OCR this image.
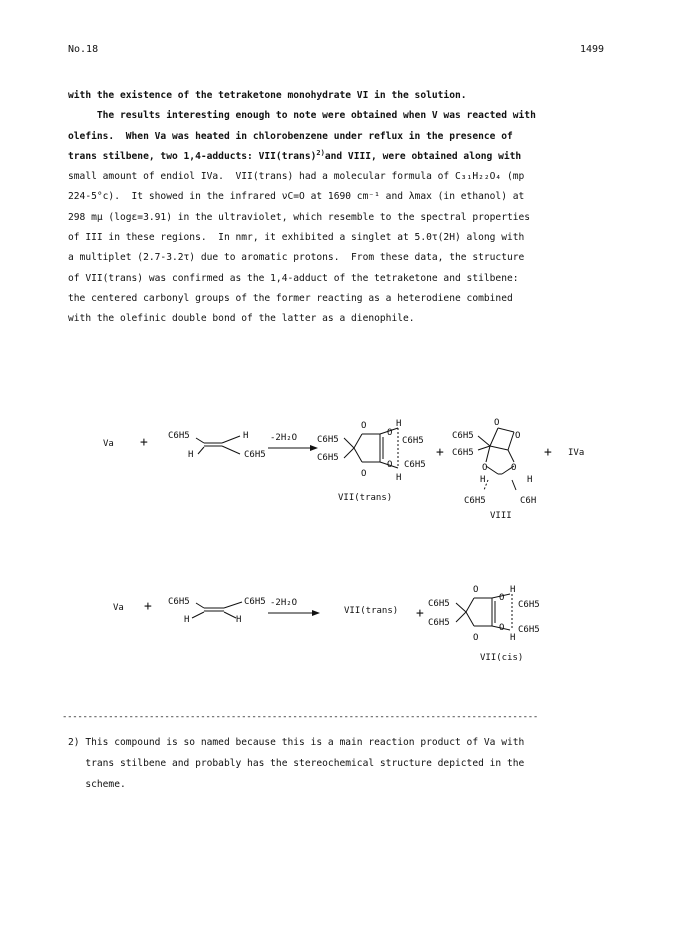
No.18	1499
with the existence of the tetraketone monohydrate VI in the solution.
The results interesting enough to note were obtained when V was reacted with
olefins.  When Va was heated in chlorobenzene under reflux in the presence of
trans stilbene, two 1,4-adducts: VII(trans)$^{2)}$and VIII, were obtained along with
small amount of endiol IVa.  VII(trans) had a molecular formula of C₃₁H₂₂O₄ (mp
224-5°c).  It showed in the infrared νC=O at 1690 cm⁻¹ and λmax (in ethanol) at
298 mμ (logε=3.91) in the ultraviolet, which resemble to the spectral properties
of III in these regions.  In nmr, it exhibited a singlet at 5.0τ(2H) along with
a multiplet (2.7-3.2τ) due to aromatic protons.  From these data, the structure
of VII(trans) was confirmed as the 1,4-adduct of the tetraketone and stilbene:
the centered carbonyl groups of the former reacting as a heterodiene combined
with the olefinic double bond of the latter as a dienophile.
Va + C6H5	H
H	C6H5
-2H₂O C6H5
C6H5
O
O
O
O
H
H
C6H5
C6H5
VII(trans)
+
C6H5
C6H5
O
O
O	O
H	H
C6H5	C6H
VIII
+ IVa
Va + C6H5	C6H5
H	H
-2H₂O
VII(trans) +
C6H5
C6H5
O
O
O
O
H
H
C6H5
C6H5
VII(cis)
---------------------------------------------------------------------------------------------
2) This compound is so named because this is a main reaction product of Va with
trans stilbene and probably has the stereochemical structure depicted in the
scheme.
